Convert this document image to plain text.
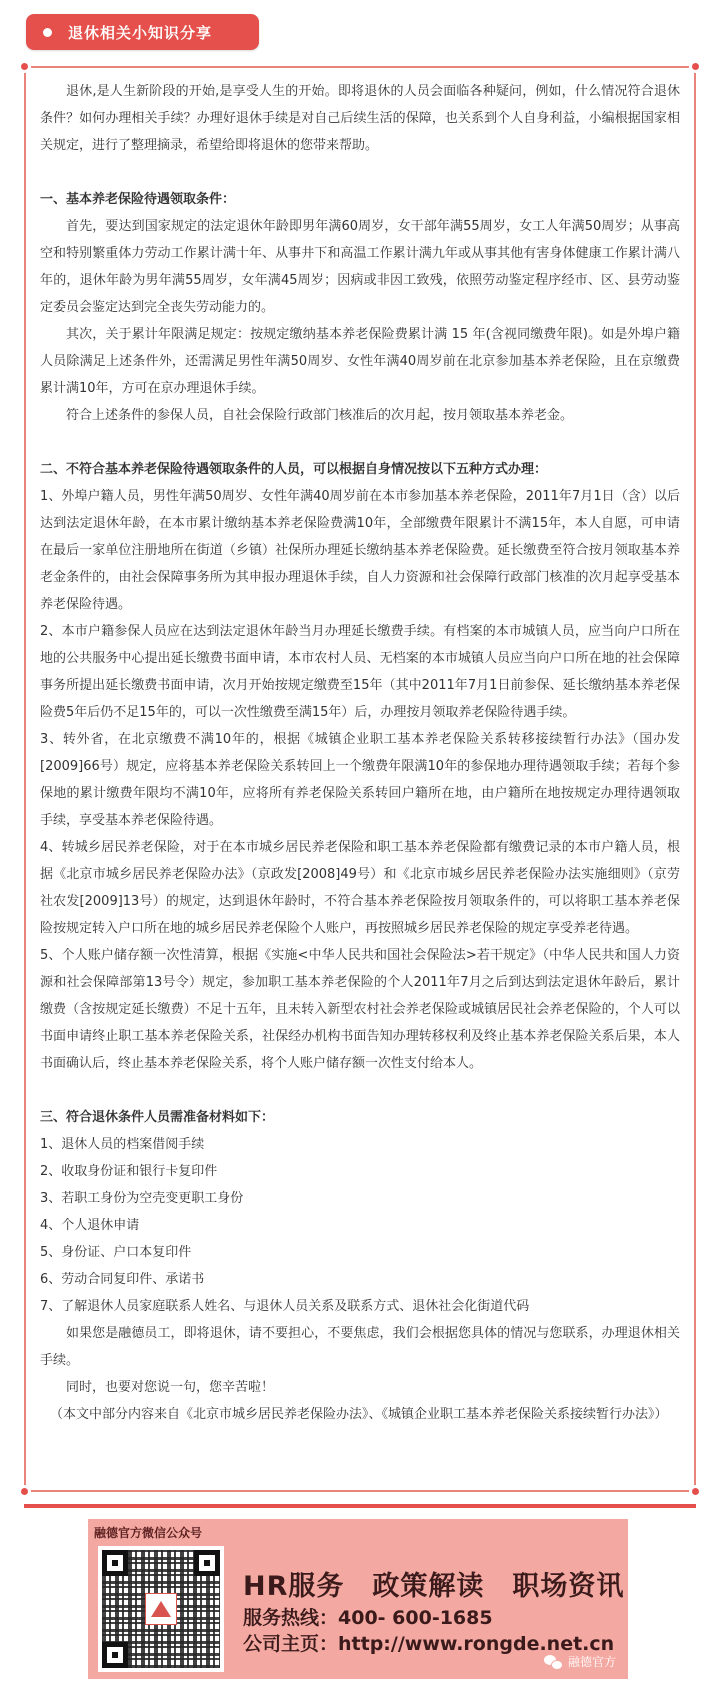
退休相关小知识分享

退休,是人生新阶段的开始,是享受人生的开始。即将退休的人员会面临各种疑问，例如，什么情况符合退休条件？如何办理相关手续？办理好退休手续是对自己后续生活的保障，也关系到个人自身利益，小编根据国家相关规定，进行了整理摘录，希望给即将退休的您带来帮助。

一、基本养老保险待遇领取条件：

首先，要达到国家规定的法定退休年龄即男年满60周岁，女干部年满55周岁，女工人年满50周岁；从事高空和特别繁重体力劳动工作累计满十年、从事井下和高温工作累计满九年或从事其他有害身体健康工作累计满八年的，退休年龄为男年满55周岁，女年满45周岁；因病或非因工致残，依照劳动鉴定程序经市、区、县劳动鉴定委员会鉴定达到完全丧失劳动能力的。

其次，关于累计年限满足规定：按规定缴纳基本养老保险费累计满 15 年(含视同缴费年限)。如是外埠户籍人员除满足上述条件外，还需满足男性年满50周岁、女性年满40周岁前在北京参加基本养老保险，且在京缴费累计满10年，方可在京办理退休手续。

符合上述条件的参保人员，自社会保险行政部门核准后的次月起，按月领取基本养老金。

二、不符合基本养老保险待遇领取条件的人员，可以根据自身情况按以下五种方式办理：

1、外埠户籍人员，男性年满50周岁、女性年满40周岁前在本市参加基本养老保险，2011年7月1日（含）以后达到法定退休年龄，在本市累计缴纳基本养老保险费满10年，全部缴费年限累计不满15年，本人自愿，可申请在最后一家单位注册地所在街道（乡镇）社保所办理延长缴纳基本养老保险费。延长缴费至符合按月领取基本养老金条件的，由社会保障事务所为其申报办理退休手续，自人力资源和社会保障行政部门核准的次月起享受基本养老保险待遇。

2、本市户籍参保人员应在达到法定退休年龄当月办理延长缴费手续。有档案的本市城镇人员，应当向户口所在地的公共服务中心提出延长缴费书面申请，本市农村人员、无档案的本市城镇人员应当向户口所在地的社会保障事务所提出延长缴费书面申请，次月开始按规定缴费至15年（其中2011年7月1日前参保、延长缴纳基本养老保险费5年后仍不足15年的，可以一次性缴费至满15年）后，办理按月领取养老保险待遇手续。

3、转外省，在北京缴费不满10年的，根据《城镇企业职工基本养老保险关系转移接续暂行办法》（国办发[2009]66号）规定，应将基本养老保险关系转回上一个缴费年限满10年的参保地办理待遇领取手续；若每个参保地的累计缴费年限均不满10年，应将所有养老保险关系转回户籍所在地，由户籍所在地按规定办理待遇领取手续，享受基本养老保险待遇。

4、转城乡居民养老保险，对于在本市城乡居民养老保险和职工基本养老保险都有缴费记录的本市户籍人员，根据《北京市城乡居民养老保险办法》（京政发[2008]49号）和《北京市城乡居民养老保险办法实施细则》（京劳社农发[2009]13号）的规定，达到退休年龄时，不符合基本养老保险按月领取条件的，可以将职工基本养老保险按规定转入户口所在地的城乡居民养老保险个人账户，再按照城乡居民养老保险的规定享受养老待遇。

5、个人账户储存额一次性清算，根据《实施<中华人民共和国社会保险法>若干规定》（中华人民共和国人力资源和社会保障部第13号令）规定，参加职工基本养老保险的个人2011年7月之后到达到法定退休年龄后，累计缴费（含按规定延长缴费）不足十五年，且未转入新型农村社会养老保险或城镇居民社会养老保险的，个人可以书面申请终止职工基本养老保险关系，社保经办机构书面告知办理转移权利及终止基本养老保险关系后果，本人书面确认后，终止基本养老保险关系，将个人账户储存额一次性支付给本人。

三、符合退休条件人员需准备材料如下：

1、退休人员的档案借阅手续

2、收取身份证和银行卡复印件

3、若职工身份为空壳变更职工身份

4、个人退休申请

5、身份证、户口本复印件

6、劳动合同复印件、承诺书

7、了解退休人员家庭联系人姓名、与退休人员关系及联系方式、退休社会化街道代码

如果您是融德员工，即将退休，请不要担心，不要焦虑，我们会根据您具体的情况与您联系，办理退休相关手续。

同时，也要对您说一句，您辛苦啦！

（本文中部分内容来自《北京市城乡居民养老保险办法》、《城镇企业职工基本养老保险关系接续暂行办法》）

融德官方微信公众号
HR服务　政策解读　职场资讯
服务热线：400- 600-1685
公司主页：http://www.rongde.net.cn
融德官方
